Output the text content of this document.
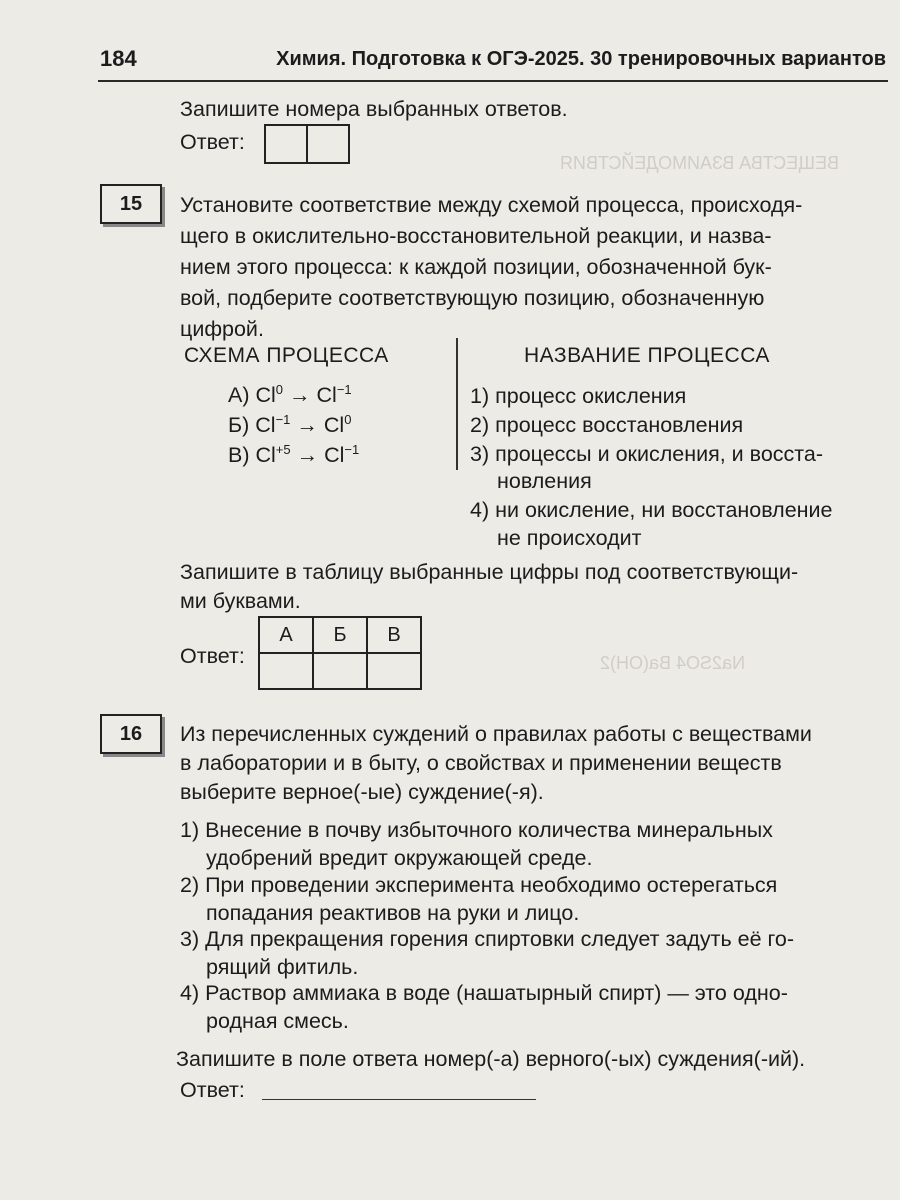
ВЕЩЕСТВА ВЗАИМОДЕЙСТВИЯ
Na2SO4 Ba(OH)2
184	Химия. Подготовка к ОГЭ-2025. 30 тренировочных вариантов
Запишите номера выбранных ответов.
Ответ:
15	Установите соответствие между схемой процесса, происходя-
щего в окислительно-восстановительной реакции, и назва-
нием этого процесса: к каждой позиции, обозначенной бук-
вой, подберите соответствующую позицию, обозначенную
цифрой.
СХЕМА ПРОЦЕССА	НАЗВАНИЕ ПРОЦЕССА
А) $Cl^0 \to Cl^{-1}$
Б) $Cl^{-1} \to Cl^0$
В) $Cl^{+5} \to Cl^{-1}$
1) процесс окисления
2) процесс восстановления
3) процессы и окисления, и восста-
новления
4) ни окисление, ни восстановление
не происходит
Запишите в таблицу выбранные цифры под соответствующи-
ми буквами.
Ответ:
А	Б	В

16	Из перечисленных суждений о правилах работы с веществами
в лаборатории и в быту, о свойствах и применении веществ
выберите верное(-ые) суждение(-я).
1) Внесение в почву избыточного количества минеральных
удобрений вредит окружающей среде.
2) При проведении эксперимента необходимо остерегаться
попадания реактивов на руки и лицо.
3) Для прекращения горения спиртовки следует задуть её го-
рящий фитиль.
4) Раствор аммиака в воде (нашатырный спирт) — это одно-
родная смесь.
Запишите в поле ответа номер(-а) верного(-ых) суждения(-ий).
Ответ:
